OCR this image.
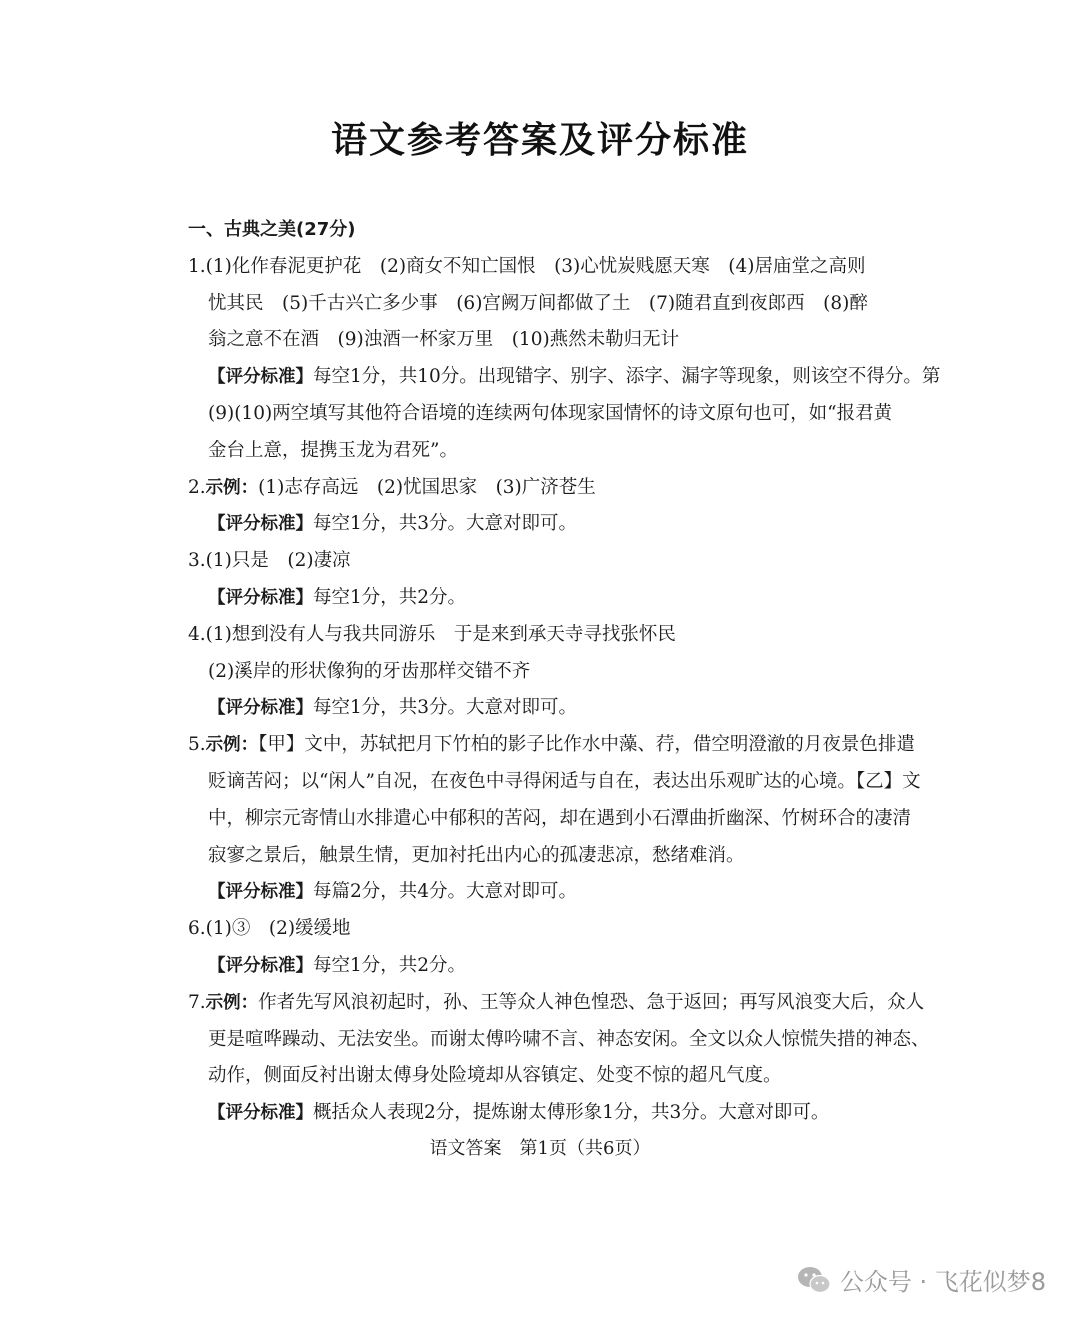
语文参考答案及评分标准
一、古典之美(27分)
1.(1)化作春泥更护花　(2)商女不知亡国恨　(3)心忧炭贱愿天寒　(4)居庙堂之高则
忧其民　(5)千古兴亡多少事　(6)宫阙万间都做了土　(7)随君直到夜郎西　(8)醉
翁之意不在酒　(9)浊酒一杯家万里　(10)燕然未勒归无计
【评分标准】每空1分，共10分。出现错字、别字、添字、漏字等现象，则该空不得分。第
(9)(10)两空填写其他符合语境的连续两句体现家国情怀的诗文原句也可，如“报君黄
金台上意，提携玉龙为君死”。
2.示例：(1)志存高远　(2)忧国思家　(3)广济苍生
【评分标准】每空1分，共3分。大意对即可。
3.(1)只是　(2)凄凉
【评分标准】每空1分，共2分。
4.(1)想到没有人与我共同游乐　于是来到承天寺寻找张怀民
(2)溪岸的形状像狗的牙齿那样交错不齐
【评分标准】每空1分，共3分。大意对即可。
5.示例：【甲】文中，苏轼把月下竹柏的影子比作水中藻、荇，借空明澄澈的月夜景色排遣
贬谪苦闷；以“闲人”自况，在夜色中寻得闲适与自在，表达出乐观旷达的心境。【乙】文
中，柳宗元寄情山水排遣心中郁积的苦闷，却在遇到小石潭曲折幽深、竹树环合的凄清
寂寥之景后，触景生情，更加衬托出内心的孤凄悲凉，愁绪难消。
【评分标准】每篇2分，共4分。大意对即可。
6.(1)③　(2)缓缓地
【评分标准】每空1分，共2分。
7.示例：作者先写风浪初起时，孙、王等众人神色惶恐、急于返回；再写风浪变大后，众人
更是喧哗躁动、无法安坐。而谢太傅吟啸不言、神态安闲。全文以众人惊慌失措的神态、
动作，侧面反衬出谢太傅身处险境却从容镇定、处变不惊的超凡气度。
【评分标准】概括众人表现2分，提炼谢太傅形象1分，共3分。大意对即可。
语文答案　第1页（共6页）
公众号 · 飞花似梦8
